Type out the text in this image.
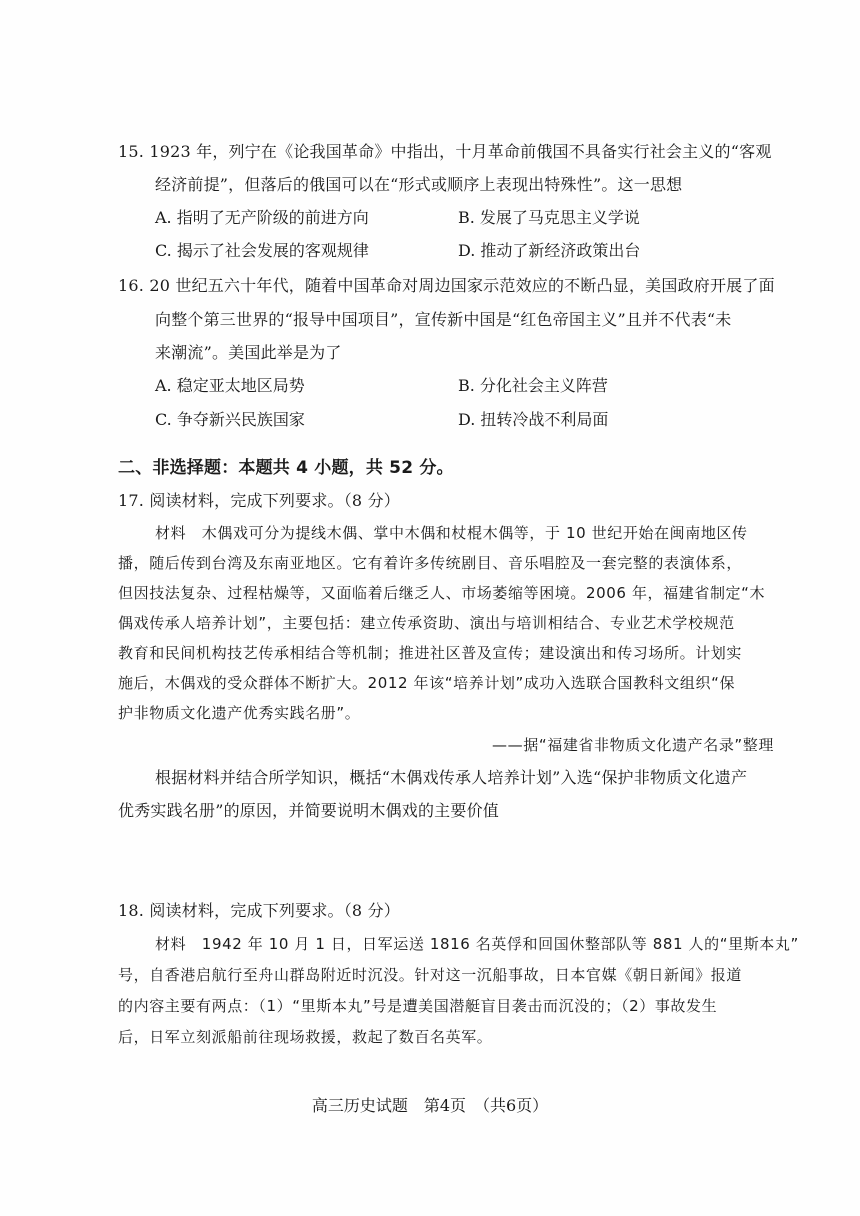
15. 1923 年，列宁在《论我国革命》中指出，十月革命前俄国不具备实行社会主义的“客观
经济前提”，但落后的俄国可以在“形式或顺序上表现出特殊性”。这一思想
A. 指明了无产阶级的前进方向	B. 发展了马克思主义学说
C. 揭示了社会发展的客观规律	D. 推动了新经济政策出台
16. 20 世纪五六十年代，随着中国革命对周边国家示范效应的不断凸显，美国政府开展了面
向整个第三世界的“报导中国项目”，宣传新中国是“红色帝国主义”且并不代表“未
来潮流”。美国此举是为了
A. 稳定亚太地区局势	B. 分化社会主义阵营
C. 争夺新兴民族国家	D. 扭转冷战不利局面
二、非选择题：本题共 4 小题，共 52 分。
17. 阅读材料，完成下列要求。（8 分）
材料　木偶戏可分为提线木偶、掌中木偶和杖棍木偶等，于 10 世纪开始在闽南地区传
播，随后传到台湾及东南亚地区。它有着许多传统剧目、音乐唱腔及一套完整的表演体系，
但因技法复杂、过程枯燥等，又面临着后继乏人、市场萎缩等困境。2006 年，福建省制定“木
偶戏传承人培养计划”，主要包括：建立传承资助、演出与培训相结合、专业艺术学校规范
教育和民间机构技艺传承相结合等机制；推进社区普及宣传；建设演出和传习场所。计划实
施后，木偶戏的受众群体不断扩大。2012 年该“培养计划”成功入选联合国教科文组织“保
护非物质文化遗产优秀实践名册”。
——据“福建省非物质文化遗产名录”整理
根据材料并结合所学知识，概括“木偶戏传承人培养计划”入选“保护非物质文化遗产
优秀实践名册”的原因，并简要说明木偶戏的主要价值
18. 阅读材料，完成下列要求。（8 分）
材料　1942 年 10 月 1 日，日军运送 1816 名英俘和回国休整部队等 881 人的“里斯本丸”
号，自香港启航行至舟山群岛附近时沉没。针对这一沉船事故，日本官媒《朝日新闻》报道
的内容主要有两点：（1）“里斯本丸”号是遭美国潜艇盲目袭击而沉没的；（2）事故发生
后，日军立刻派船前往现场救援，救起了数百名英军。
高三历史试题　第4页　（共6页）
